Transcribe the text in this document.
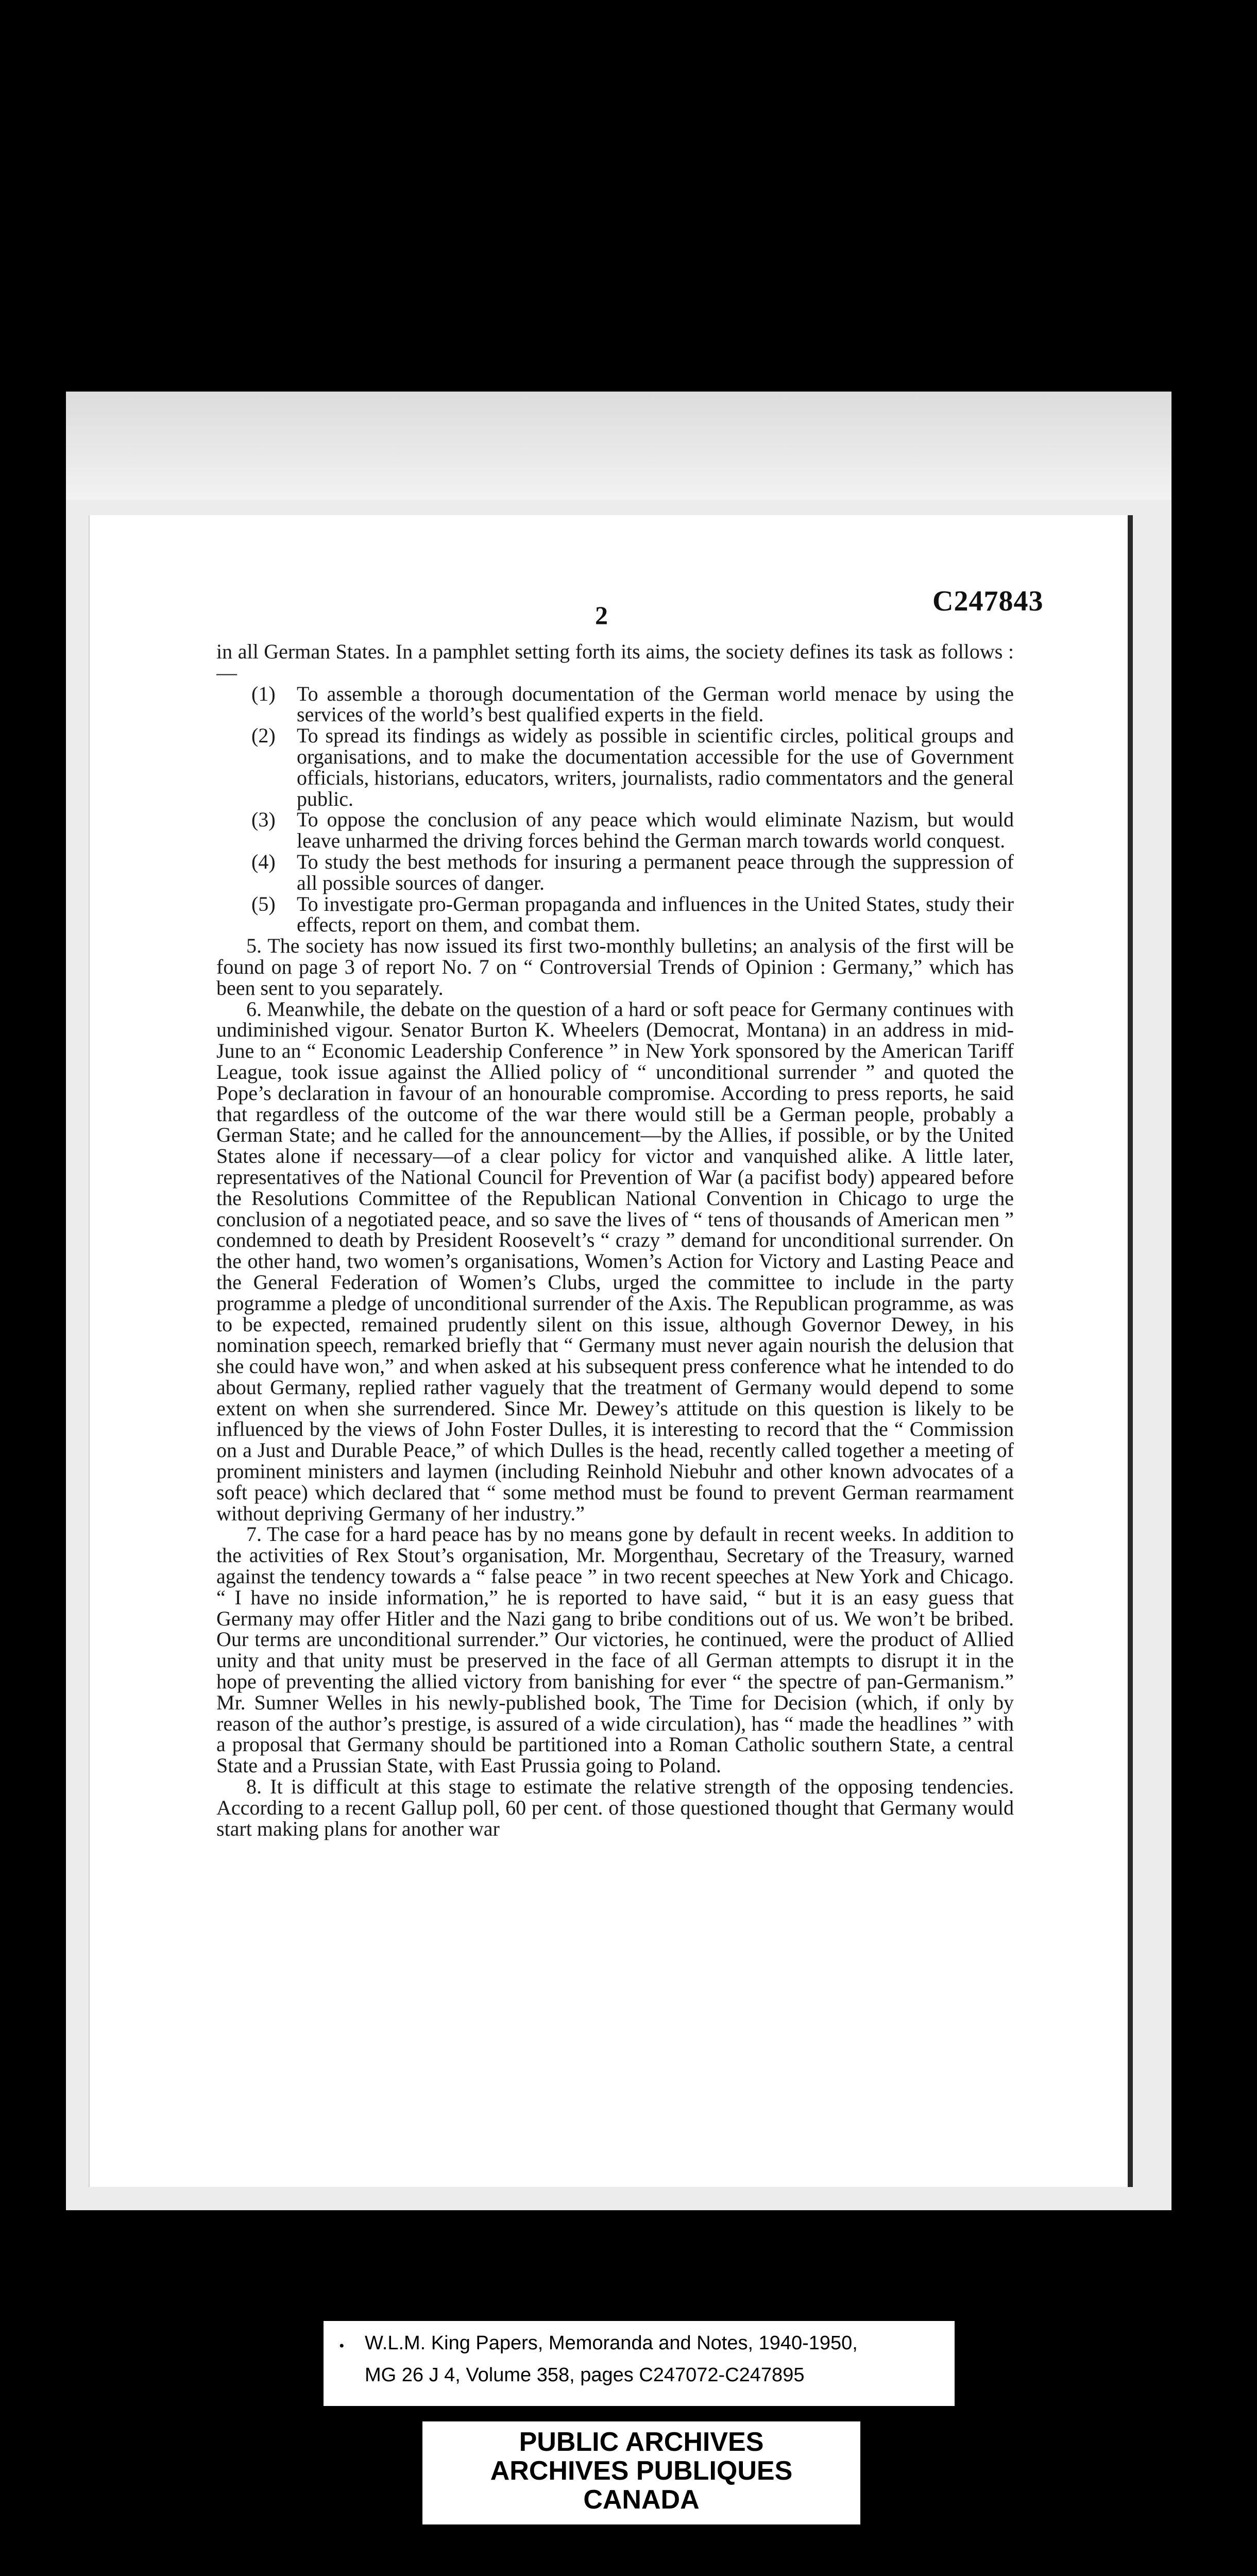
2	C247843

in all German States. In a pamphlet setting forth its aims, the society defines its task as follows :—

(1) To assemble a thorough documentation of the German world menace by using the services of the world’s best qualified experts in the field.
(2) To spread its findings as widely as possible in scientific circles, political groups and organisations, and to make the documentation accessible for the use of Government officials, historians, educators, writers, journalists, radio commentators and the general public.
(3) To oppose the conclusion of any peace which would eliminate Nazism, but would leave unharmed the driving forces behind the German march towards world conquest.
(4) To study the best methods for insuring a permanent peace through the suppression of all possible sources of danger.
(5) To investigate pro-German propaganda and influences in the United States, study their effects, report on them, and combat them.

5. The society has now issued its first two-monthly bulletins; an analysis of the first will be found on page 3 of report No. 7 on “ Controversial Trends of Opinion : Germany,” which has been sent to you separately.

6. Meanwhile, the debate on the question of a hard or soft peace for Germany continues with undiminished vigour. Senator Burton K. Wheelers (Democrat, Montana) in an address in mid-June to an “ Economic Leadership Conference ” in New York sponsored by the American Tariff League, took issue against the Allied policy of “ unconditional surrender ” and quoted the Pope’s declaration in favour of an honourable compromise. According to press reports, he said that regardless of the outcome of the war there would still be a German people, probably a German State; and he called for the announcement—by the Allies, if possible, or by the United States alone if necessary—of a clear policy for victor and vanquished alike. A little later, representatives of the National Council for Prevention of War (a pacifist body) appeared before the Resolutions Committee of the Republican National Convention in Chicago to urge the conclusion of a negotiated peace, and so save the lives of “ tens of thousands of American men ” condemned to death by President Roosevelt’s “ crazy ” demand for unconditional surrender. On the other hand, two women’s organisations, Women’s Action for Victory and Lasting Peace and the General Federation of Women’s Clubs, urged the committee to include in the party programme a pledge of unconditional surrender of the Axis. The Republican programme, as was to be expected, remained prudently silent on this issue, although Governor Dewey, in his nomination speech, remarked briefly that “ Germany must never again nourish the delusion that she could have won,” and when asked at his subsequent press conference what he intended to do about Germany, replied rather vaguely that the treatment of Germany would depend to some extent on when she surrendered. Since Mr. Dewey’s attitude on this question is likely to be influenced by the views of John Foster Dulles, it is interesting to record that the “ Commission on a Just and Durable Peace,” of which Dulles is the head, recently called together a meeting of prominent ministers and laymen (including Reinhold Niebuhr and other known advocates of a soft peace) which declared that “ some method must be found to prevent German rearmament without depriving Germany of her industry.”

7. The case for a hard peace has by no means gone by default in recent weeks. In addition to the activities of Rex Stout’s organisation, Mr. Morgenthau, Secretary of the Treasury, warned against the tendency towards a “ false peace ” in two recent speeches at New York and Chicago. “ I have no inside information,” he is reported to have said, “ but it is an easy guess that Germany may offer Hitler and the Nazi gang to bribe conditions out of us. We won’t be bribed. Our terms are unconditional surrender.” Our victories, he continued, were the product of Allied unity and that unity must be preserved in the face of all German attempts to disrupt it in the hope of preventing the allied victory from banishing for ever “ the spectre of pan-Germanism.” Mr. Sumner Welles in his newly-published book, The Time for Decision (which, if only by reason of the author’s prestige, is assured of a wide circulation), has “ made the headlines ” with a proposal that Germany should be partitioned into a Roman Catholic southern State, a central State and a Prussian State, with East Prussia going to Poland.

8. It is difficult at this stage to estimate the relative strength of the opposing tendencies. According to a recent Gallup poll, 60 per cent. of those questioned thought that Germany would start making plans for another war

• W.L.M. King Papers, Memoranda and Notes, 1940-1950,
MG 26 J 4, Volume 358, pages C247072-C247895
PUBLIC ARCHIVES
ARCHIVES PUBLIQUES
CANADA
